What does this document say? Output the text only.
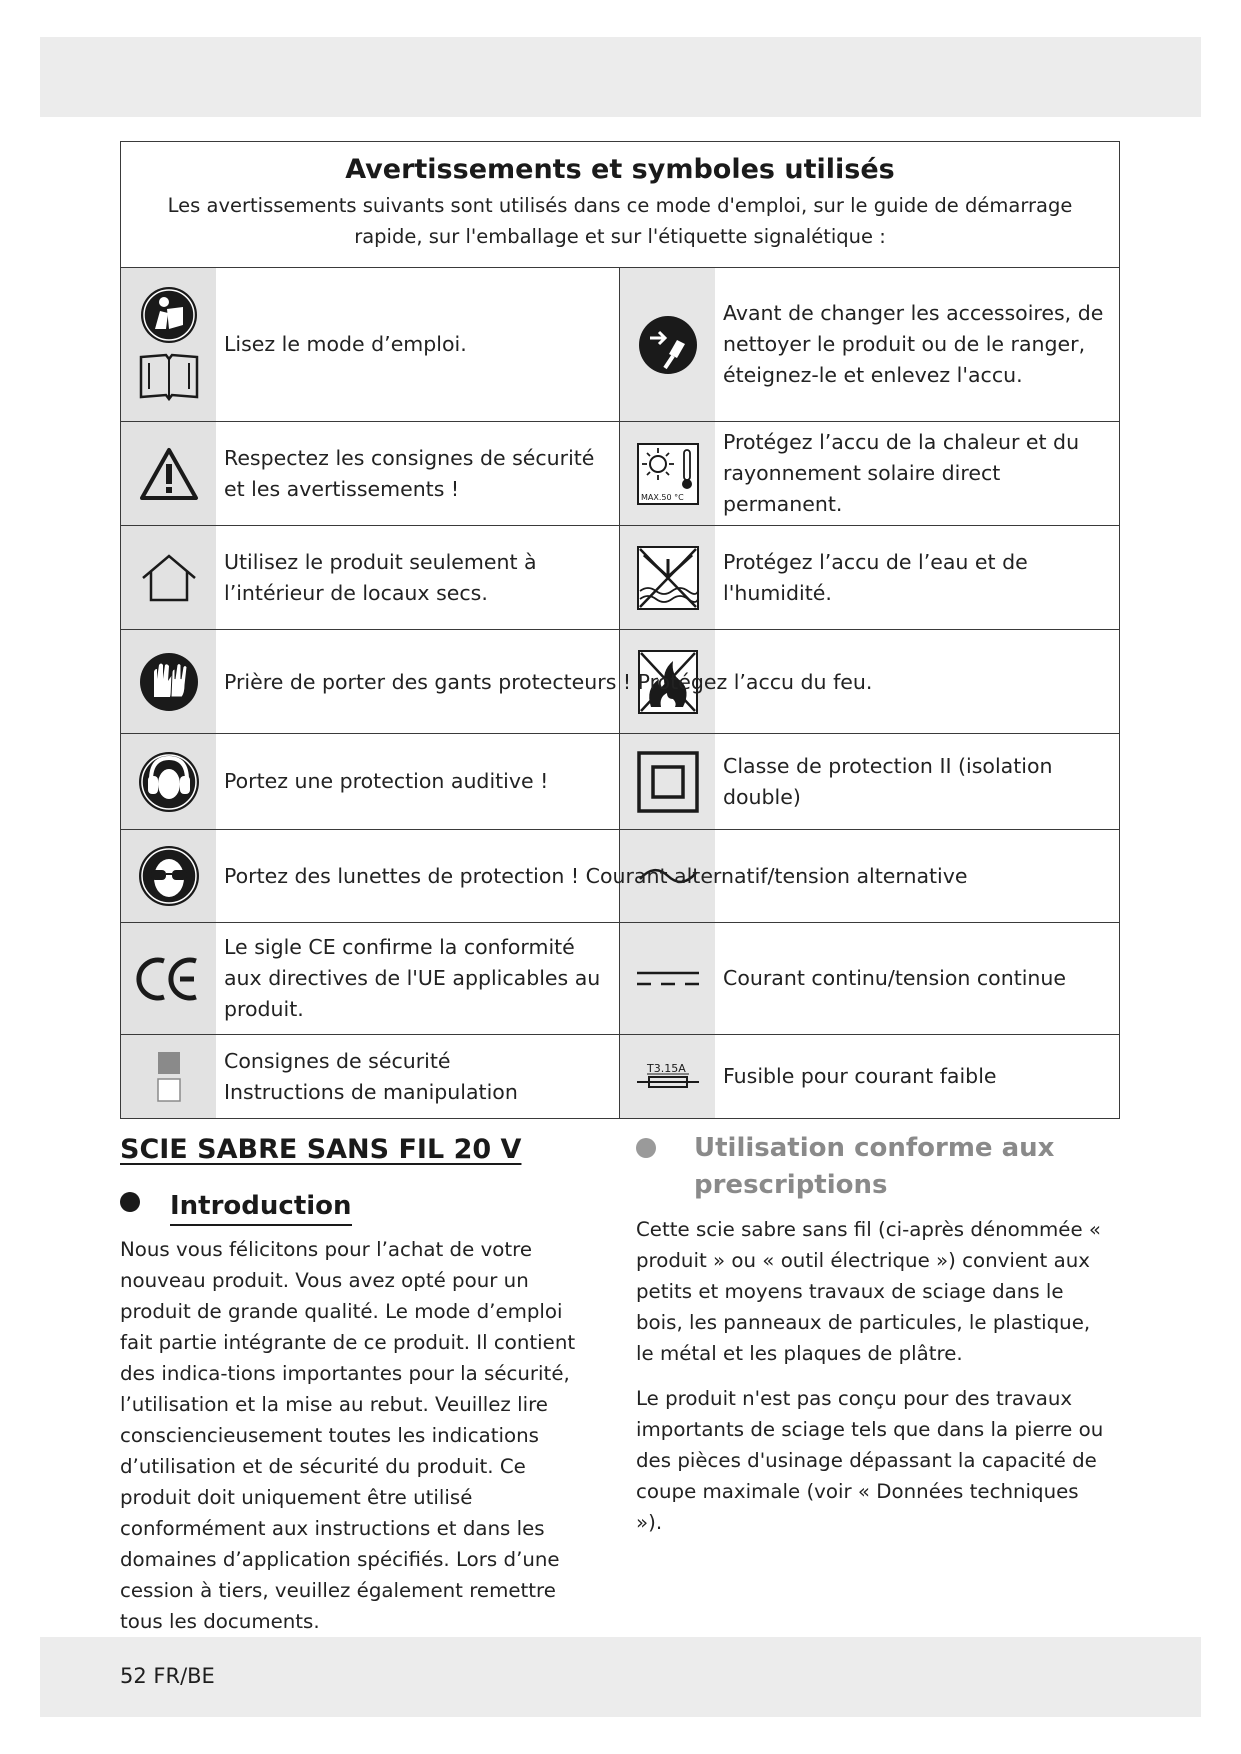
Avertissements et symboles utilisés
Les avertissements suivants sont utilisés dans ce mode d'emploi, sur le guide de démarrage rapide, sur l'emballage et sur l'étiquette signalétique :
Lisez le mode d’emploi.
Avant de changer les accessoires, de nettoyer le produit ou de le ranger, éteignez-le et enlevez l'accu.
Respectez les consignes de sécurité et les avertissements !	MAX.50 °C
Protégez l’accu de la chaleur et du rayonnement solaire direct permanent.
Utilisez le produit seulement à l’intérieur de locaux secs.
Protégez l’accu de l’eau et de l'humidité.
Prière de porter des gants protecteurs ! Protégez l’accu du feu.
Portez une protection auditive !
Classe de protection II (isolation double)
Portez des lunettes de protection ! Courant alternatif/tension alternative
Le sigle CE confirme la conformité aux directives de l'UE applicables au produit.
Courant continu/tension continue
Consignes de sécurité
Instructions de manipulation
T3.15A	Fusible pour courant faible
SCIE SABRE SANS FIL 20 V
Introduction
Nous vous félicitons pour l’achat de votre nouveau produit. Vous avez opté pour un produit de grande qualité. Le mode d’emploi fait partie intégrante de ce produit. Il contient des indica-tions importantes pour la sécurité, l’utilisation et la mise au rebut. Veuillez lire consciencieusement toutes les indications d’utilisation et de sécurité du produit. Ce produit doit uniquement être utilisé conformément aux instructions et dans les domaines d’application spécifiés. Lors d’une cession à tiers, veuillez également remettre tous les documents.
Utilisation conforme aux prescriptions
Cette scie sabre sans fil (ci-après dénommée « produit » ou « outil électrique ») convient aux petits et moyens travaux de sciage dans le bois, les panneaux de particules, le plastique, le métal et les plaques de plâtre.
Le produit n'est pas conçu pour des travaux importants de sciage tels que dans la pierre ou des pièces d'usinage dépassant la capacité de coupe maximale (voir « Données techniques »).
52 FR/BE
